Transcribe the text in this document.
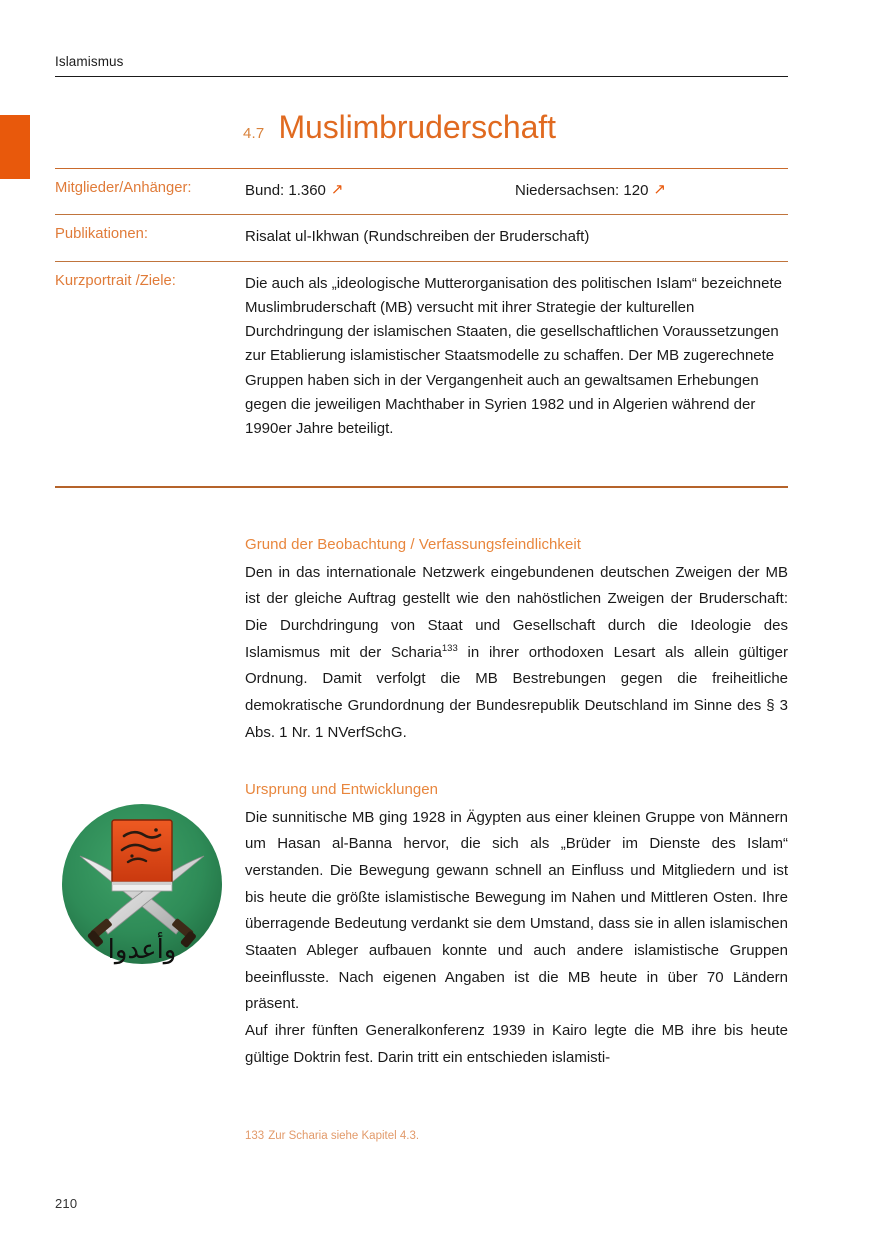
Islamismus
4.7 Muslimbruderschaft
Mitglieder/Anhänger:	Bund: 1.360 ↗	Niedersachsen: 120 ↗
Publikationen:	Risalat ul-Ikhwan (Rundschreiben der Bruderschaft)
Kurzportrait /Ziele:	Die auch als „ideologische Mutterorganisation des politischen Islam“ bezeichnete Muslimbruderschaft (MB) versucht mit ihrer Strategie der kulturellen Durchdringung der islamischen Staaten, die gesellschaftlichen Voraussetzungen zur Etablierung islamistischer Staatsmodelle zu schaffen. Der MB zugerechnete Gruppen haben sich in der Vergangenheit auch an gewaltsamen Erhebungen gegen die jeweiligen Machthaber in Syrien 1982 und in Algerien während der 1990er Jahre beteiligt.
Grund der Beobachtung / Verfassungsfeindlichkeit

Den in das internationale Netzwerk eingebundenen deutschen Zweigen der MB ist der gleiche Auftrag gestellt wie den nahöstlichen Zweigen der Bruderschaft: Die Durchdringung von Staat und Gesellschaft durch die Ideologie des Islamismus mit der Scharia$^{133}$ in ihrer orthodoxen Lesart als allein gültiger Ordnung. Damit verfolgt die MB Bestrebungen gegen die freiheitliche demokratische Grundordnung der Bundesrepublik Deutschland im Sinne des § 3 Abs. 1 Nr. 1 NVerfSchG.

Ursprung und Entwicklungen

Die sunnitische MB ging 1928 in Ägypten aus einer kleinen Gruppe von Männern um Hasan al-Banna hervor, die sich als „Brüder im Dienste des Islam“ verstanden. Die Bewegung gewann schnell an Einfluss und Mitgliedern und ist bis heute die größte islamistische Bewegung im Nahen und Mittleren Osten. Ihre überragende Bedeutung verdankt sie dem Umstand, dass sie in allen islamischen Staaten Ableger aufbauen konnte und auch andere islamistische Gruppen beeinflusste. Nach eigenen Angaben ist die MB heute in über 70 Ländern präsent.

Auf ihrer fünften Generalkonferenz 1939 in Kairo legte die MB ihre bis heute gültige Doktrin fest. Darin tritt ein entschieden islamisti-

وأعدوا
133 Zur Scharia siehe Kapitel 4.3.
210
